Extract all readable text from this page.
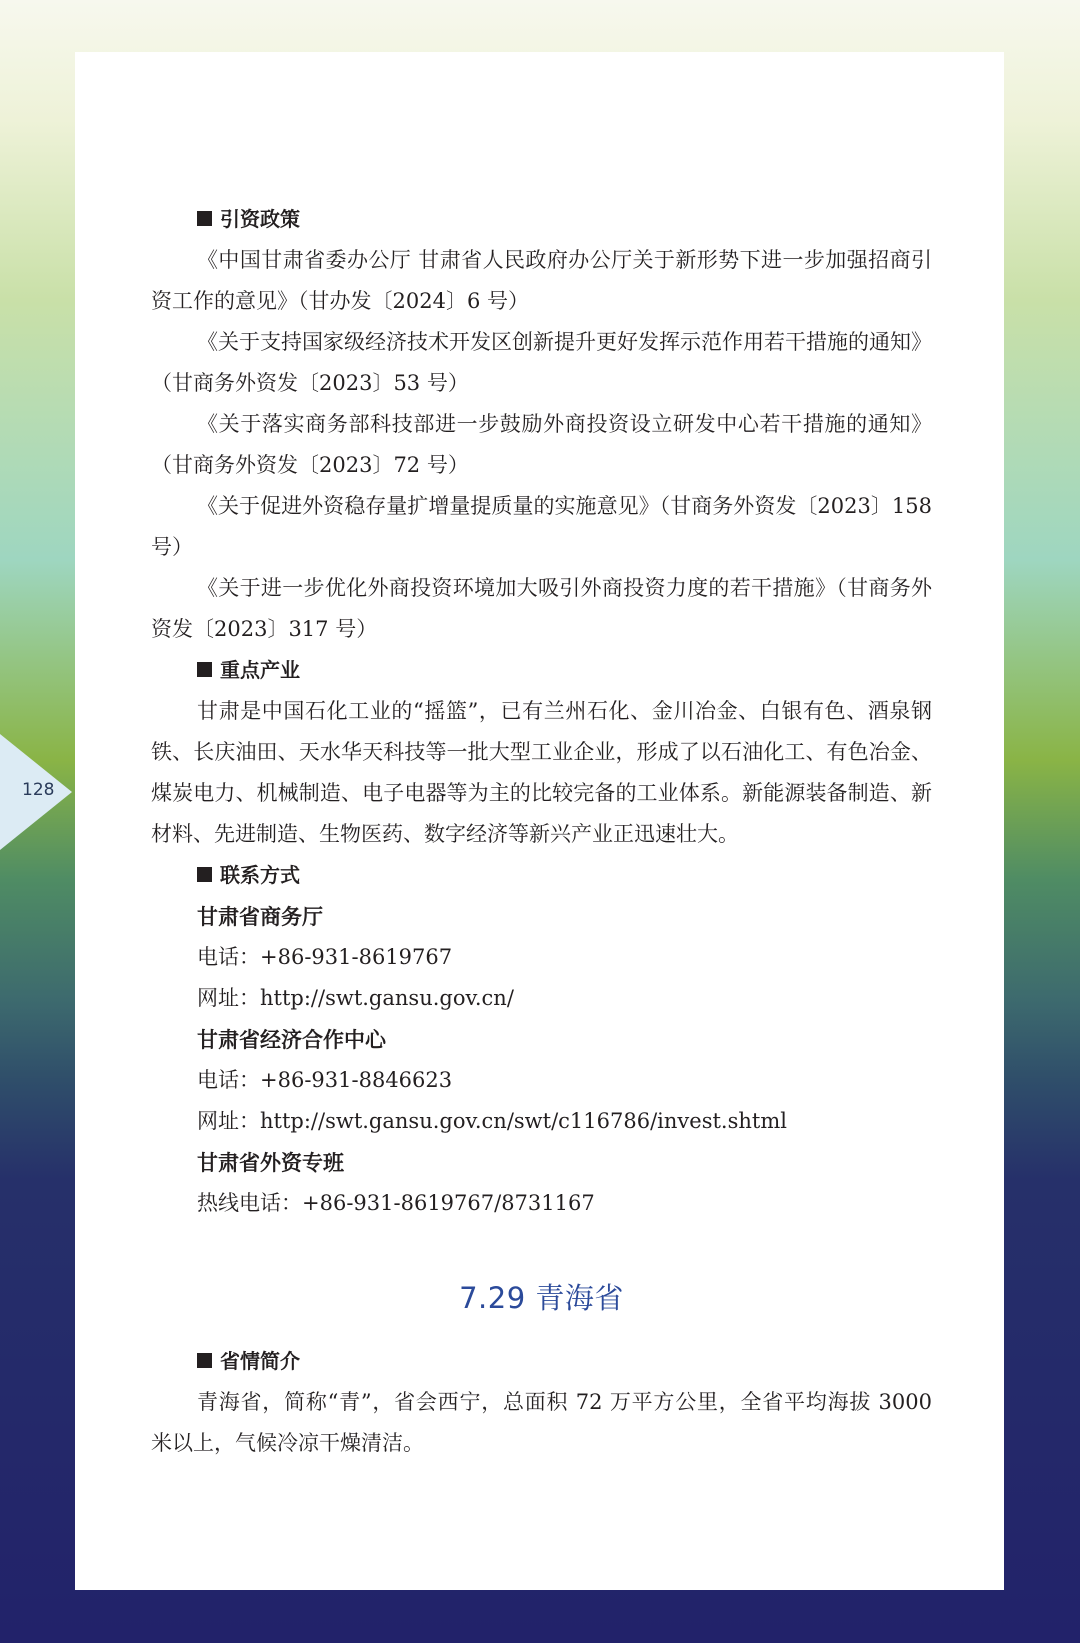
128

引资政策

《中国甘肃省委办公厅 甘肃省人民政府办公厅关于新形势下进一步加强招商引资工作的意见》（甘办发〔2024〕6 号）

《关于支持国家级经济技术开发区创新提升更好发挥示范作用若干措施的通知》（甘商务外资发〔2023〕53 号）

《关于落实商务部科技部进一步鼓励外商投资设立研发中心若干措施的通知》（甘商务外资发〔2023〕72 号）

《关于促进外资稳存量扩增量提质量的实施意见》（甘商务外资发〔2023〕158 号）

《关于进一步优化外商投资环境加大吸引外商投资力度的若干措施》（甘商务外资发〔2023〕317 号）

重点产业

甘肃是中国石化工业的“摇篮”，已有兰州石化、金川冶金、白银有色、酒泉钢铁、长庆油田、天水华天科技等一批大型工业企业，形成了以石油化工、有色冶金、煤炭电力、机械制造、电子电器等为主的比较完备的工业体系。新能源装备制造、新材料、先进制造、生物医药、数字经济等新兴产业正迅速壮大。

联系方式

甘肃省商务厅

电话：+86-931-8619767

网址：http://swt.gansu.gov.cn/

甘肃省经济合作中心

电话：+86-931-8846623

网址：http://swt.gansu.gov.cn/swt/c116786/invest.shtml

甘肃省外资专班

热线电话：+86-931-8619767/8731167

7.29 青海省

省情简介

青海省，简称“青”，省会西宁，总面积 72 万平方公里，全省平均海拔 3000 米以上，气候冷凉干燥清洁。
